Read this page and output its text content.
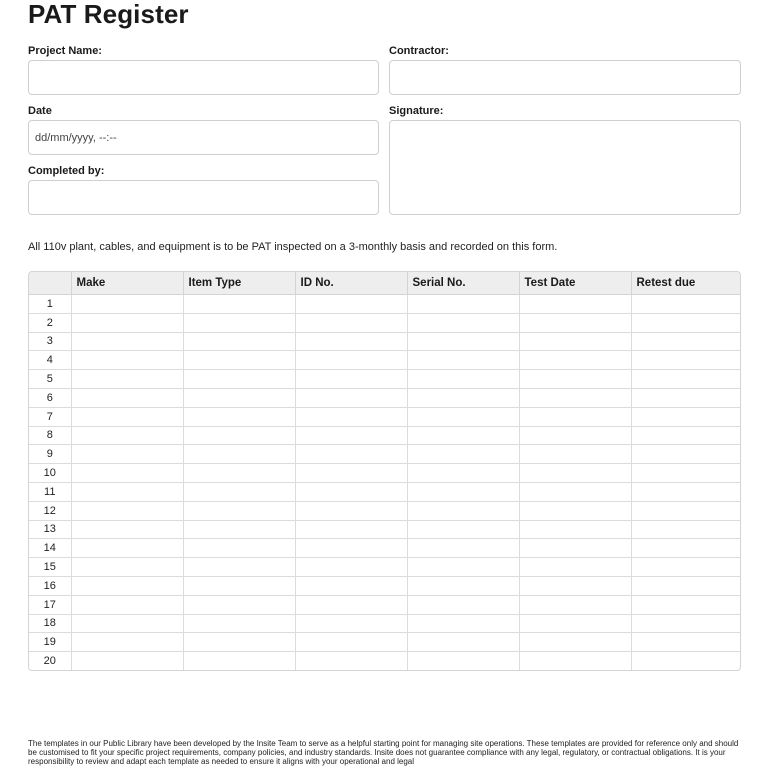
PAT Register
Project Name:	Contractor:
Date
dd/mm/yyyy, --:--	Signature:
Completed by:
All 110v plant, cables, and equipment is to be PAT inspected on a 3-monthly basis and recorded on this form.
	Make	Item Type	ID No.	Serial No.	Test Date	Retest due
1						
2						
3						
4						
5						
6						
7						
8						
9						
10						
11						
12						
13						
14						
15						
16						
17						
18						
19						
20						
The templates in our Public Library have been developed by the Insite Team to serve as a helpful starting point for managing site operations. These templates are provided for reference only and should be customised to fit your specific project requirements, company policies, and industry standards. Insite does not guarantee compliance with any legal, regulatory, or contractual obligations. It is your responsibility to review and adapt each template as needed to ensure it aligns with your operational and legal
